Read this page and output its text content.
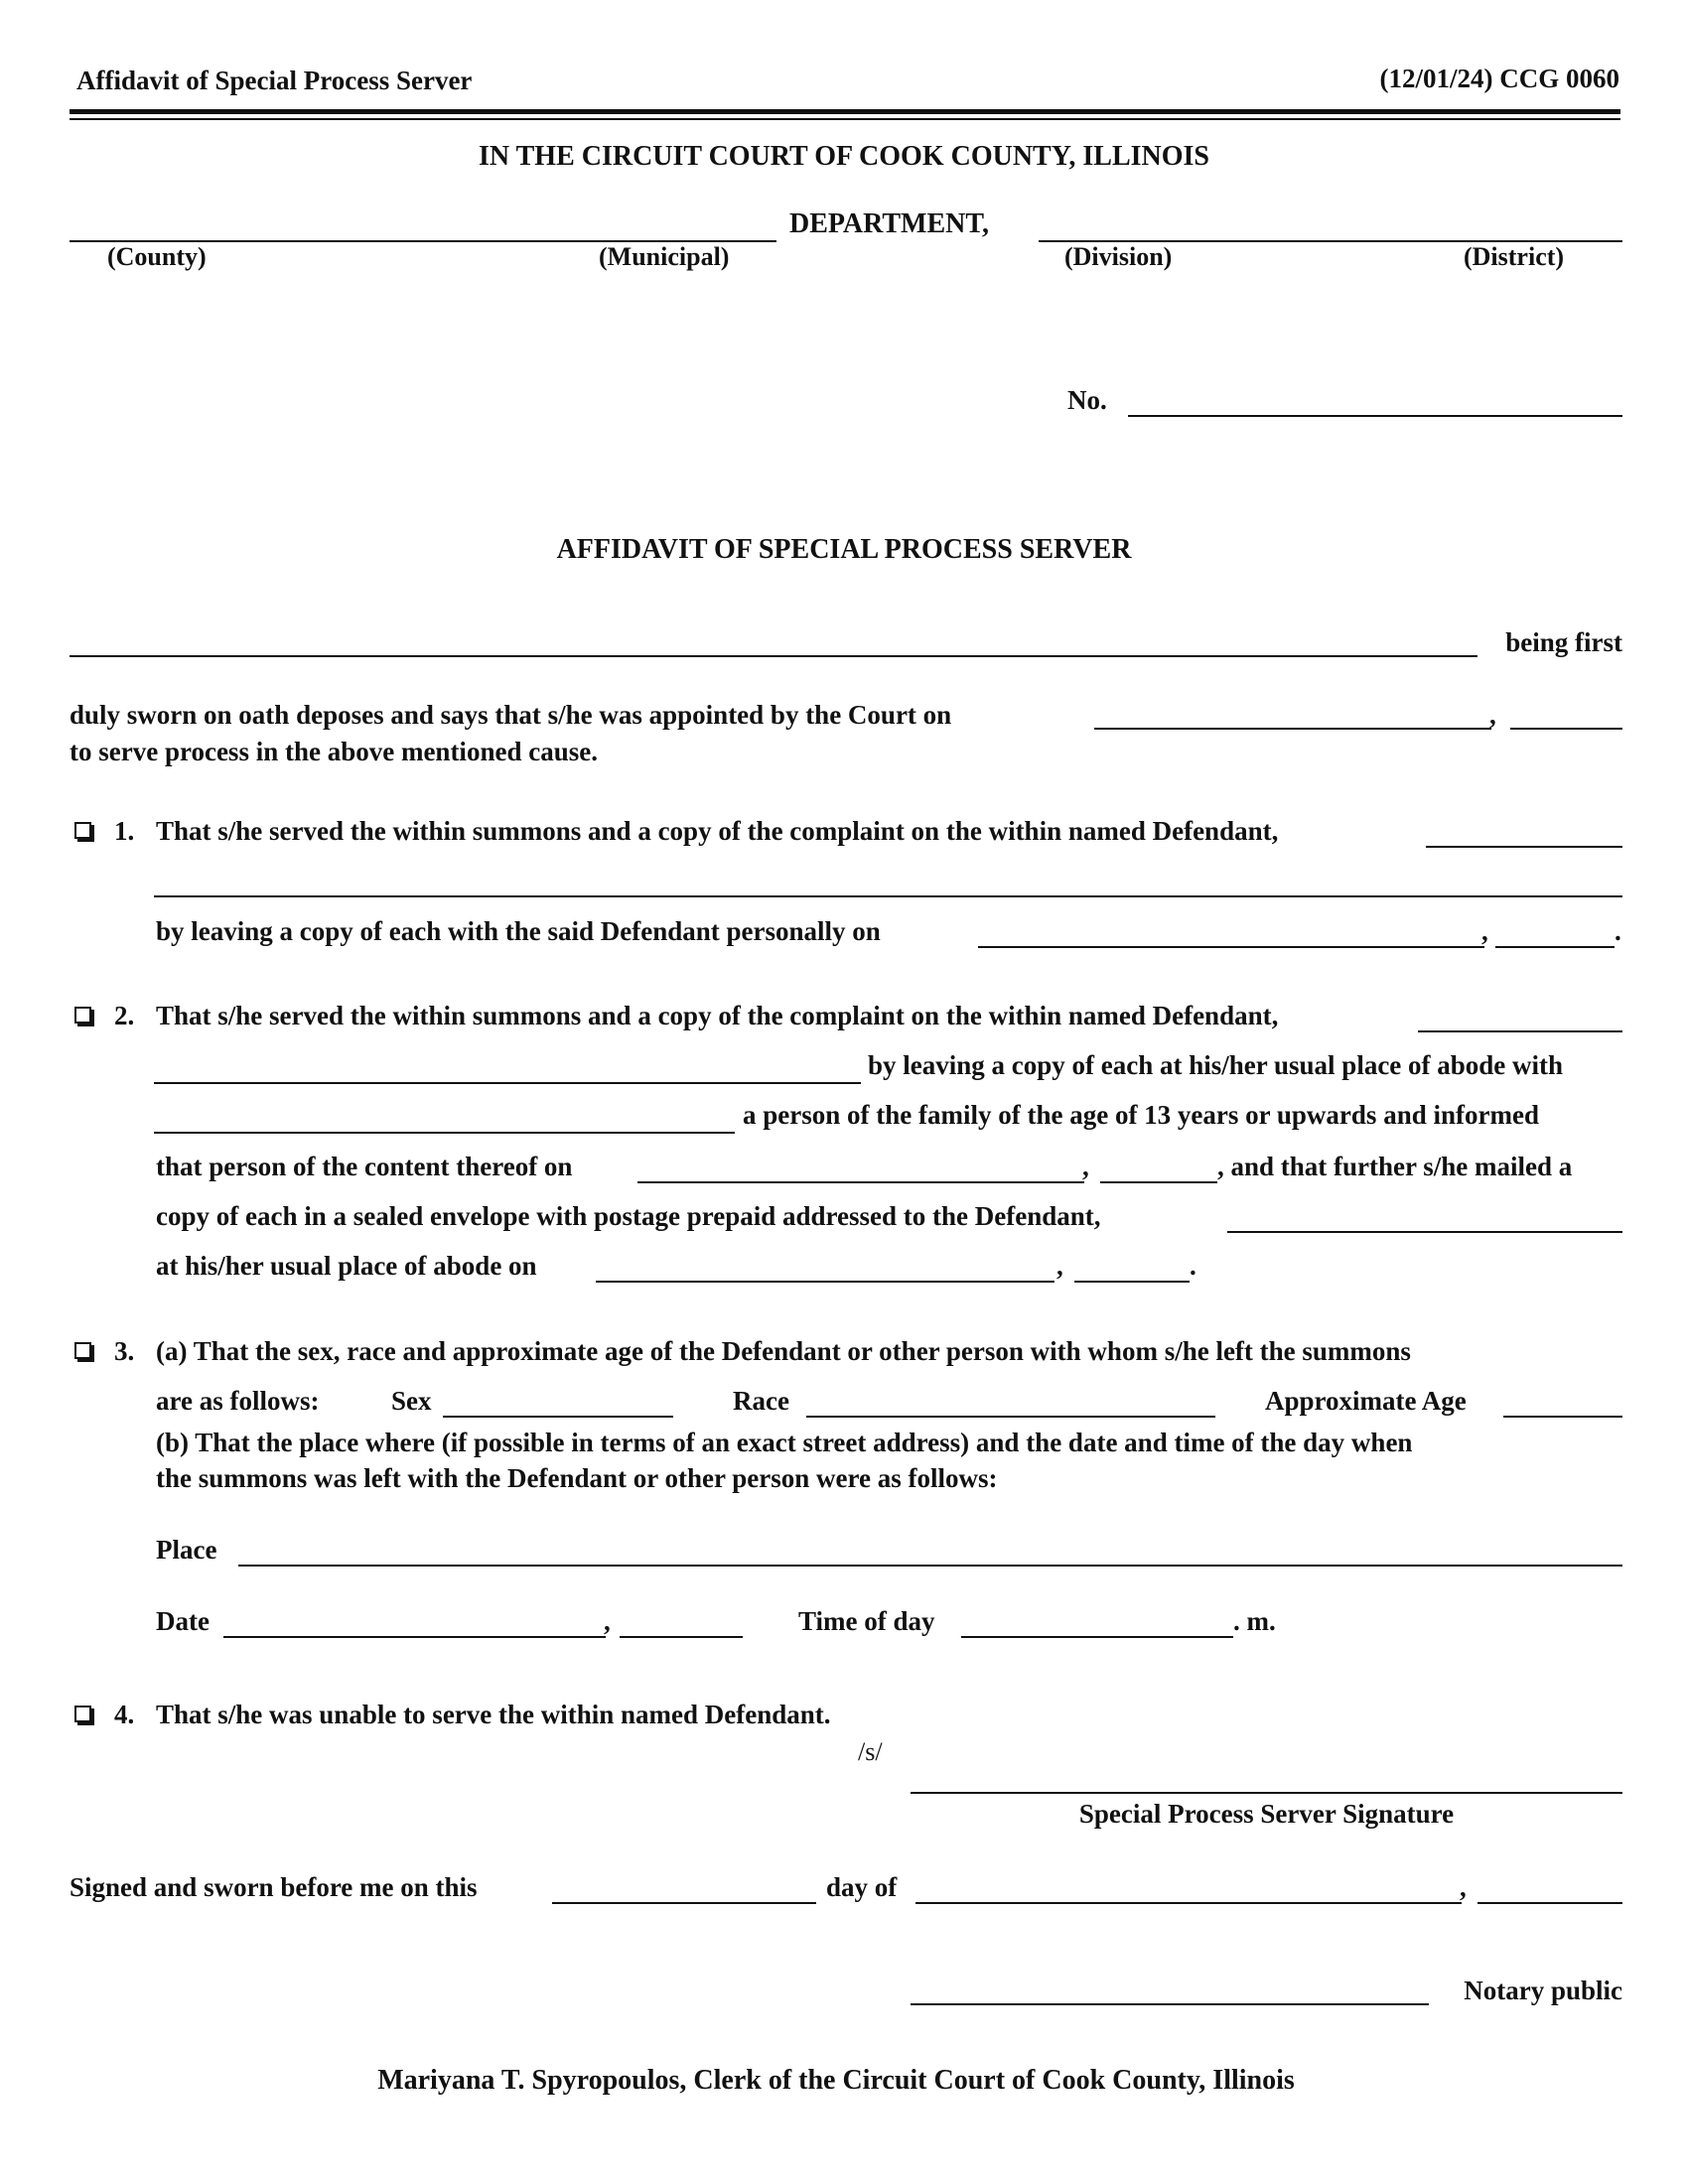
Affidavit of Special Process Server	(12/01/24) CCG 0060
IN THE CIRCUIT COURT OF COOK COUNTY, ILLINOIS
DEPARTMENT,
(County)	(Municipal)	(Division)	(District)
No.
AFFIDAVIT OF SPECIAL PROCESS SERVER
being first
duly sworn on oath deposes and says that s/he was appointed by the Court on	,
to serve process in the above mentioned cause.
1. That s/he served the within summons and a copy of the complaint on the within named Defendant,
by leaving a copy of each with the said Defendant personally on	,	.
2. That s/he served the within summons and a copy of the complaint on the within named Defendant,
by leaving a copy of each at his/her usual place of abode with
a person of the family of the age of 13 years or upwards and informed
that person of the content thereof on	,	, and that further s/he mailed a
copy of each in a sealed envelope with postage prepaid addressed to the Defendant,
at his/her usual place of abode on	,	.
3. (a) That the sex, race and approximate age of the Defendant or other person with whom s/he left the summons
are as follows:	Sex	Race	Approximate Age
(b) That the place where (if possible in terms of an exact street address) and the date and time of the day when
the summons was left with the Defendant or other person were as follows:
Place
Date	,	Time of day	. m.
4. That s/he was unable to serve the within named Defendant.
/s/
Special Process Server Signature
Signed and sworn before me on this	day of	,
Notary public
Mariyana T. Spyropoulos, Clerk of the Circuit Court of Cook County, Illinois
